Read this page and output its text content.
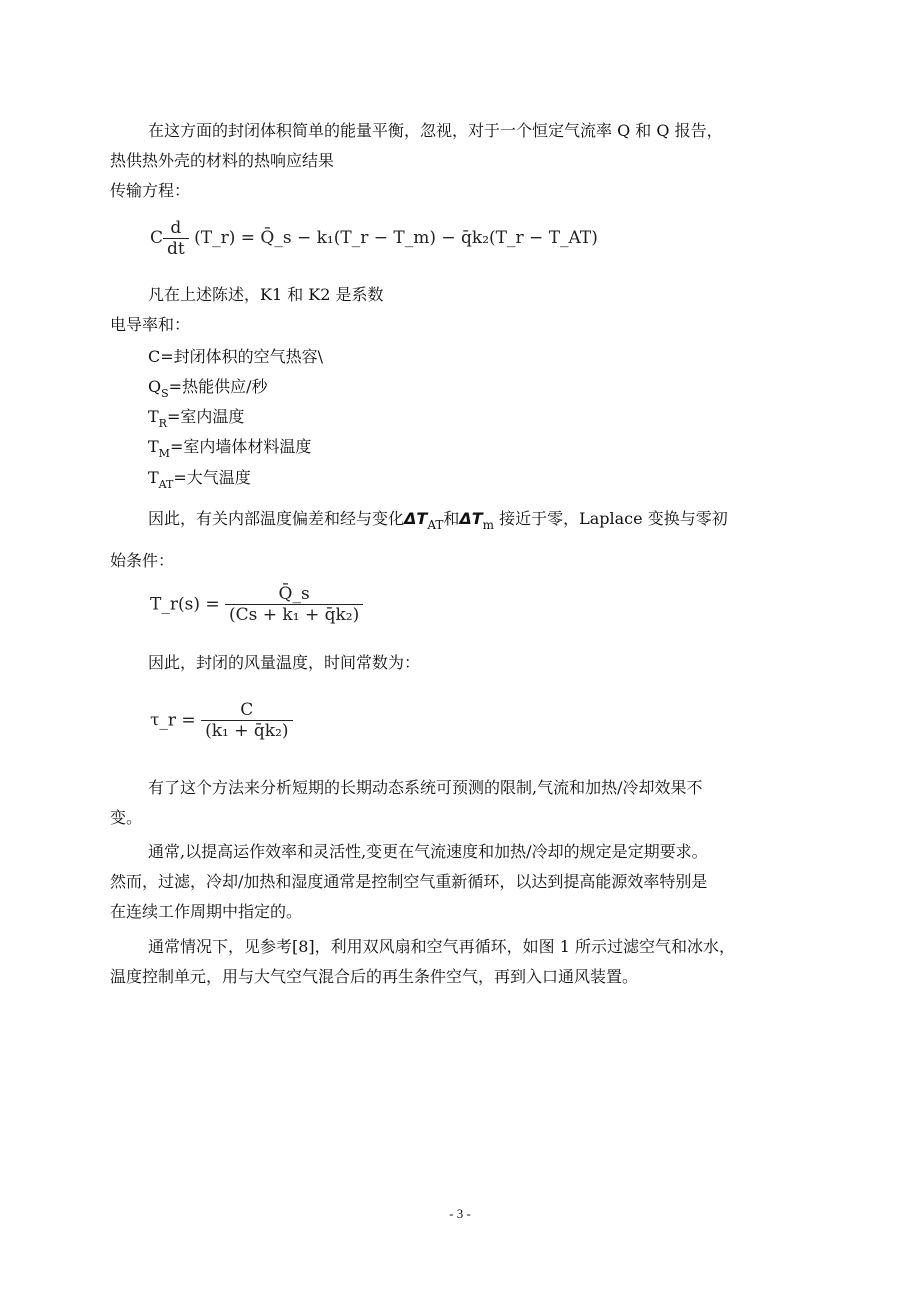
在这方面的封闭体积简单的能量平衡，忽视，对于一个恒定气流率 Q 和 Q 报告，
热供热外壳的材料的热响应结果
传输方程：
C $\frac{d}{dt}$ (T_r) = Q̄_s − k₁(T_r − T_m) − q̄k₂(T_r − T_AT)
凡在上述陈述，K1 和 K2 是系数
电导率和：
C=封闭体积的空气热容\
$Q_S=$热能供应/秒
$T_R=$室内温度
$T_M=$室内墙体材料温度
$T_{AT}=$大气温度
因此，有关内部温度偏差和经与变化$\Delta T_{AT}$和$\Delta T_m$ 接近于零，Laplace 变换与零初
始条件：
T_r(s) = $\frac{Q̄\_s}{\text{(Cs + k₁ + q̄k₂)}}$
因此，封闭的风量温度，时间常数为：
τ_r = $\frac{C}{\text{(k₁ + q̄k₂)}}$
有了这个方法来分析短期的长期动态系统可预测的限制,气流和加热/冷却效果不
变。
通常,以提高运作效率和灵活性,变更在气流速度和加热/冷却的规定是定期要求。
然而，过滤，冷却/加热和湿度通常是控制空气重新循环，以达到提高能源效率特别是
在连续工作周期中指定的。
通常情况下，见参考[8]，利用双风扇和空气再循环，如图 1 所示过滤空气和冰水，
温度控制单元，用与大气空气混合后的再生条件空气，再到入口通风装置。
- 3 -
